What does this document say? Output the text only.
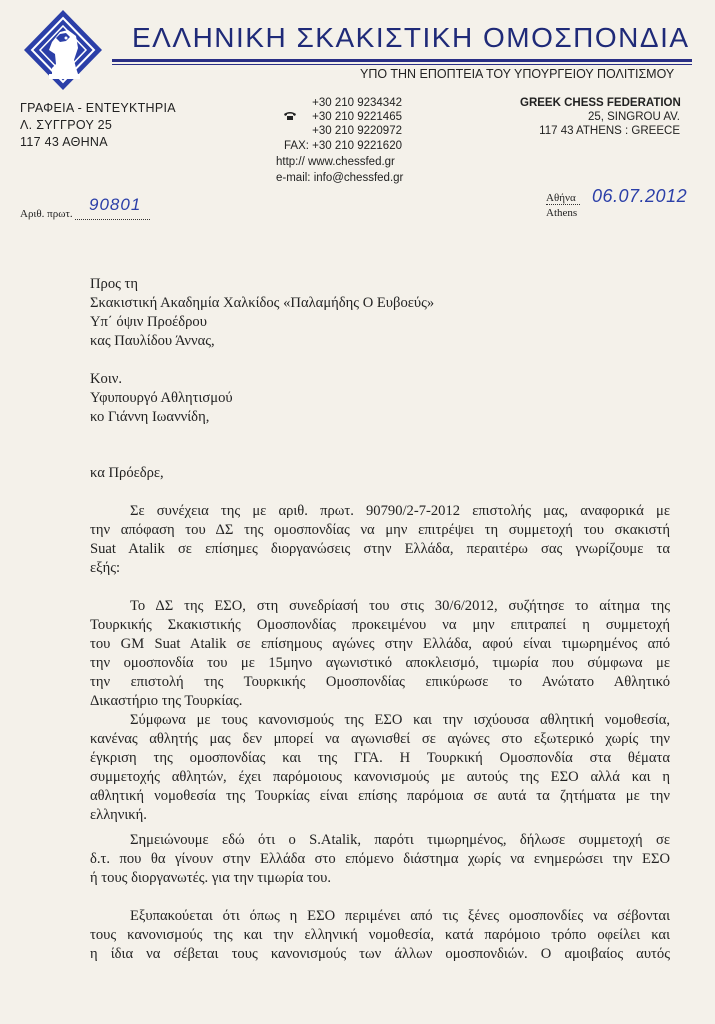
ΕΛΛΗΝΙΚΗ ΣΚΑΚΙΣΤΙΚΗ ΟΜΟΣΠΟΝΔΙΑ
ΥΠΟ ΤΗΝ ΕΠΟΠΤΕΙΑ ΤΟΥ ΥΠΟΥΡΓΕΙΟΥ ΠΟΛΙΤΙΣΜΟΥ
ΓΡΑΦΕΙΑ - ΕΝΤΕΥΚΤΗΡΙΑ
Λ. ΣΥΓΓΡΟΥ 25
117 43 ΑΘΗΝΑ
+30 210 9234342
+30 210 9221465
+30 210 9220972
FAX: +30 210 9221620
http:// www.chessfed.gr
e-mail: info@chessfed.gr
GREEK CHESS FEDERATION
25, SINGROU AV.
117 43 ATHENS : GREECE
Αριθ. πρωτ. 90801	Αθήνα
Athens
06.07.2012
Προς τη
Σκακιστική Ακαδημία Χαλκίδος «Παλαμήδης Ο Ευβοεύς»
Υπ΄ όψιν Προέδρου
κας Παυλίδου Άννας,
Κοιν.
Υφυπουργό Αθλητισμού
κο Γιάννη Ιωαννίδη,
κα Πρόεδρε,
Σε συνέχεια της με αριθ. πρωτ. 90790/2-7-2012 επιστολής μας, αναφορικά με
την απόφαση του ΔΣ της ομοσπονδίας να μην επιτρέψει τη συμμετοχή του σκακιστή
Suat Atalik σε επίσημες διοργανώσεις στην Ελλάδα, περαιτέρω σας γνωρίζουμε τα
εξής:
Το ΔΣ της ΕΣΟ, στη συνεδρίασή του στις 30/6/2012, συζήτησε το αίτημα της
Τουρκικής Σκακιστικής Ομοσπονδίας προκειμένου να μην επιτραπεί η συμμετοχή
του GM Suat Atalik σε επίσημους αγώνες στην Ελλάδα, αφού είναι τιμωρημένος από
την ομοσπονδία του με 15μηνο αγωνιστικό αποκλεισμό, τιμωρία που σύμφωνα με
την επιστολή της Τουρκικής Ομοσπονδίας επικύρωσε το Ανώτατο Αθλητικό
Δικαστήριο της Τουρκίας.
Σύμφωνα με τους κανονισμούς της ΕΣΟ και την ισχύουσα αθλητική νομοθεσία,
κανένας αθλητής μας δεν μπορεί να αγωνισθεί σε αγώνες στο εξωτερικό χωρίς την
έγκριση της ομοσπονδίας και της ΓΓΑ. Η Τουρκική Ομοσπονδία στα θέματα
συμμετοχής αθλητών, έχει παρόμοιους κανονισμούς με αυτούς της ΕΣΟ αλλά και η
αθλητική νομοθεσία της Τουρκίας είναι επίσης παρόμοια σε αυτά τα ζητήματα με την
ελληνική.
Σημειώνουμε εδώ ότι ο S.Atalik, παρότι τιμωρημένος, δήλωσε συμμετοχή σε
δ.τ. που θα γίνουν στην Ελλάδα στο επόμενο διάστημα χωρίς να ενημερώσει την ΕΣΟ
ή τους διοργανωτές. για την τιμωρία του.
Εξυπακούεται ότι όπως η ΕΣΟ περιμένει από τις ξένες ομοσπονδίες να σέβονται
τους κανονισμούς της και την ελληνική νομοθεσία, κατά παρόμοιο τρόπο οφείλει και
η ίδια να σέβεται τους κανονισμούς των άλλων ομοσπονδιών. Ο αμοιβαίος αυτός
